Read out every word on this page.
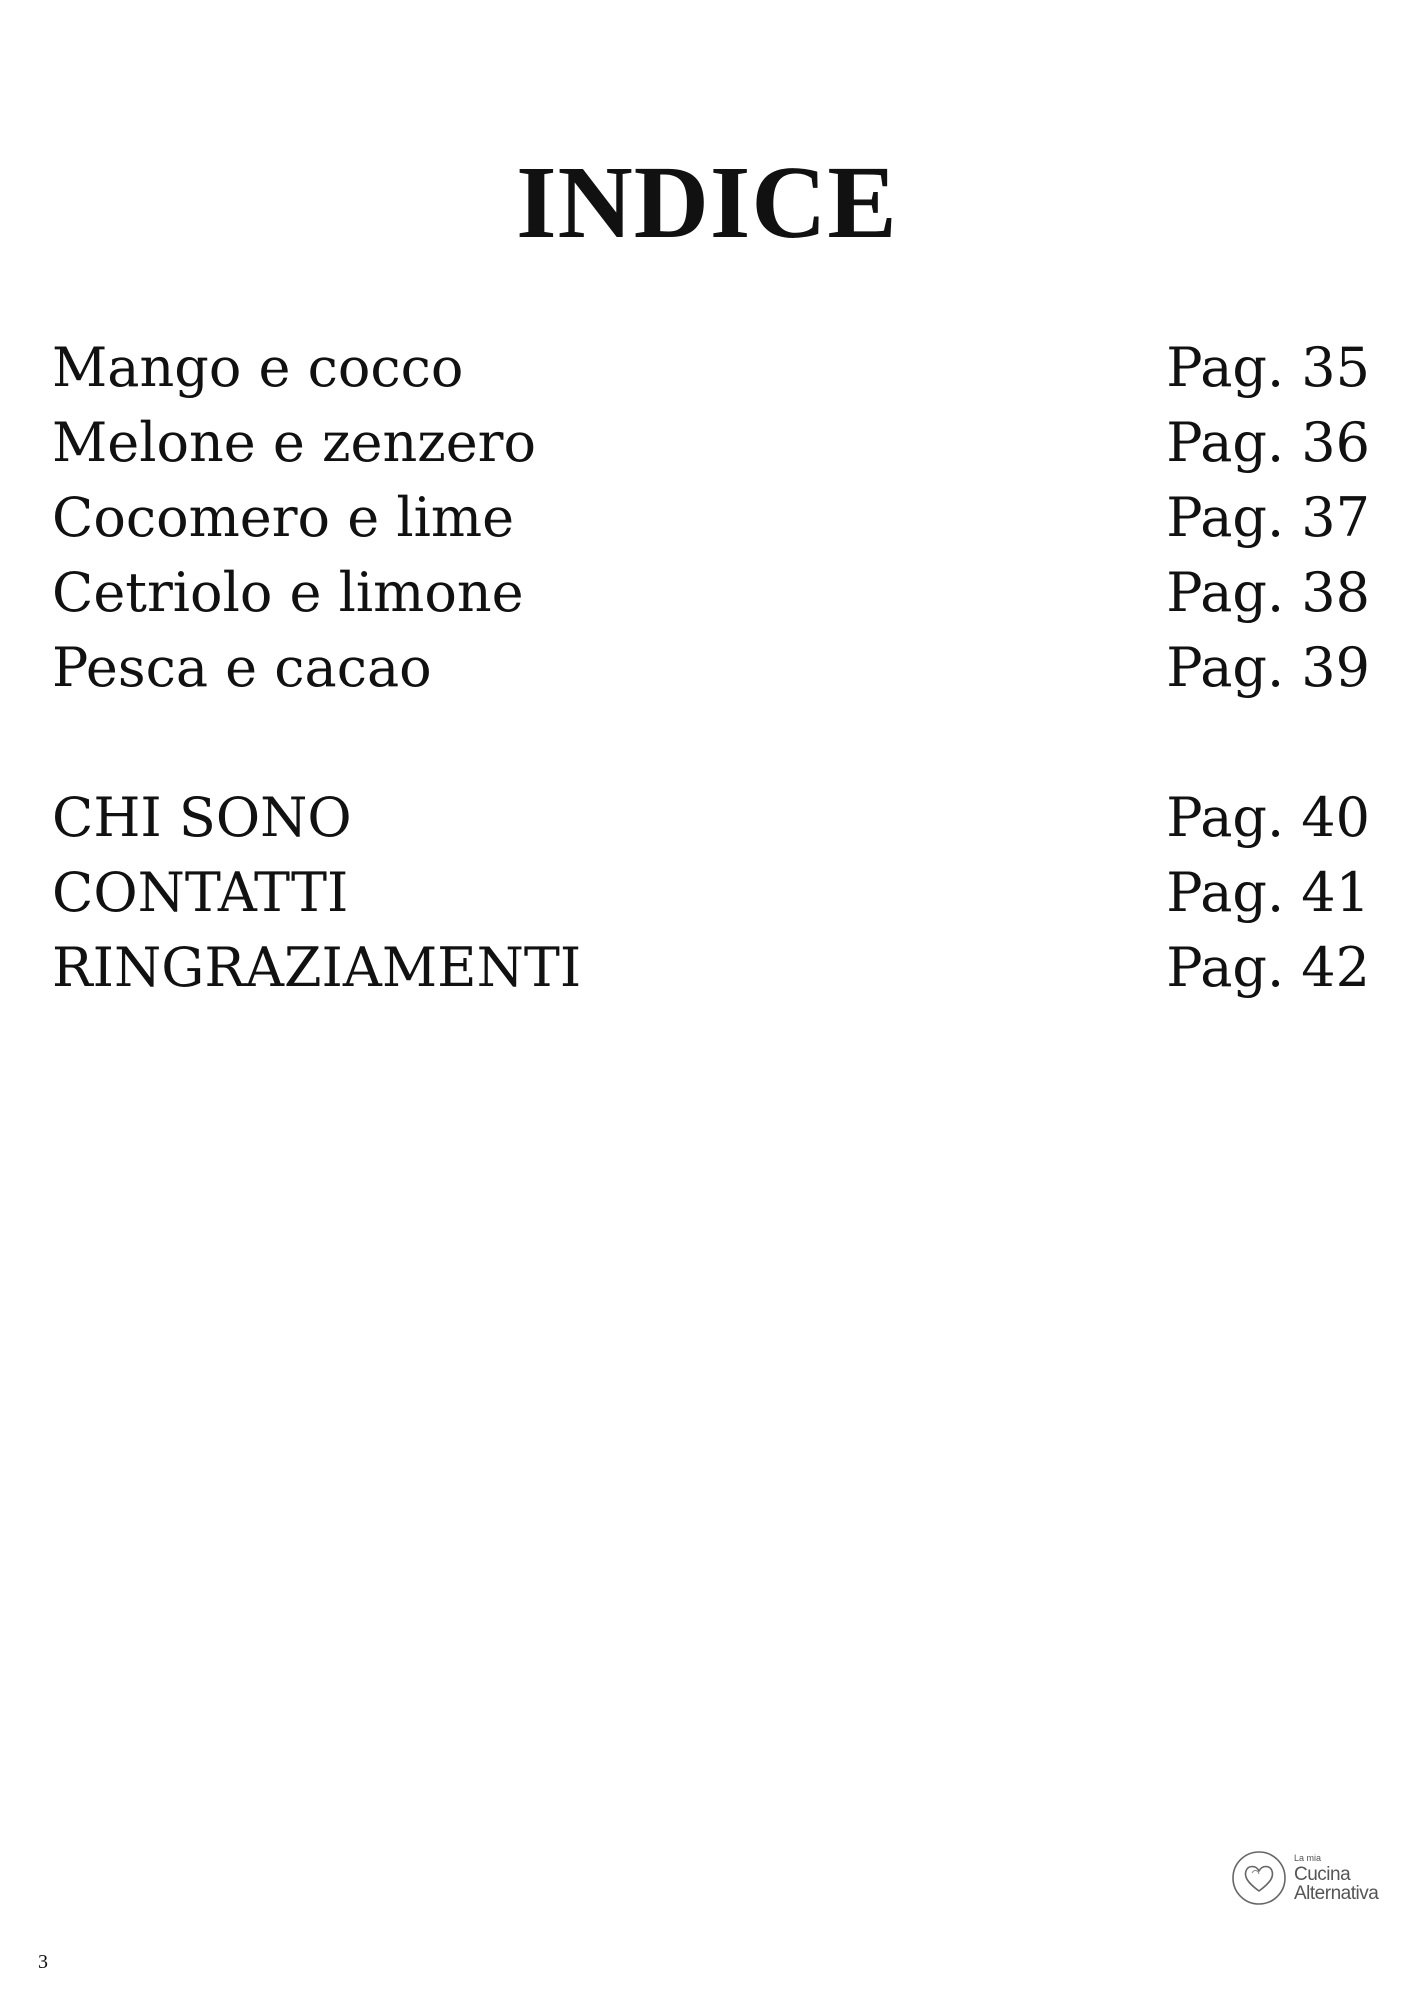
INDICE
Mango e cocco	Pag. 35
Melone e zenzero	Pag. 36
Cocomero e lime	Pag. 37
Cetriolo e limone	Pag. 38
Pesca e cacao	Pag. 39
CHI SONO	Pag. 40
CONTATTI	Pag. 41
RINGRAZIAMENTI	Pag. 42
3
La mia
Cucina
Alternativa
